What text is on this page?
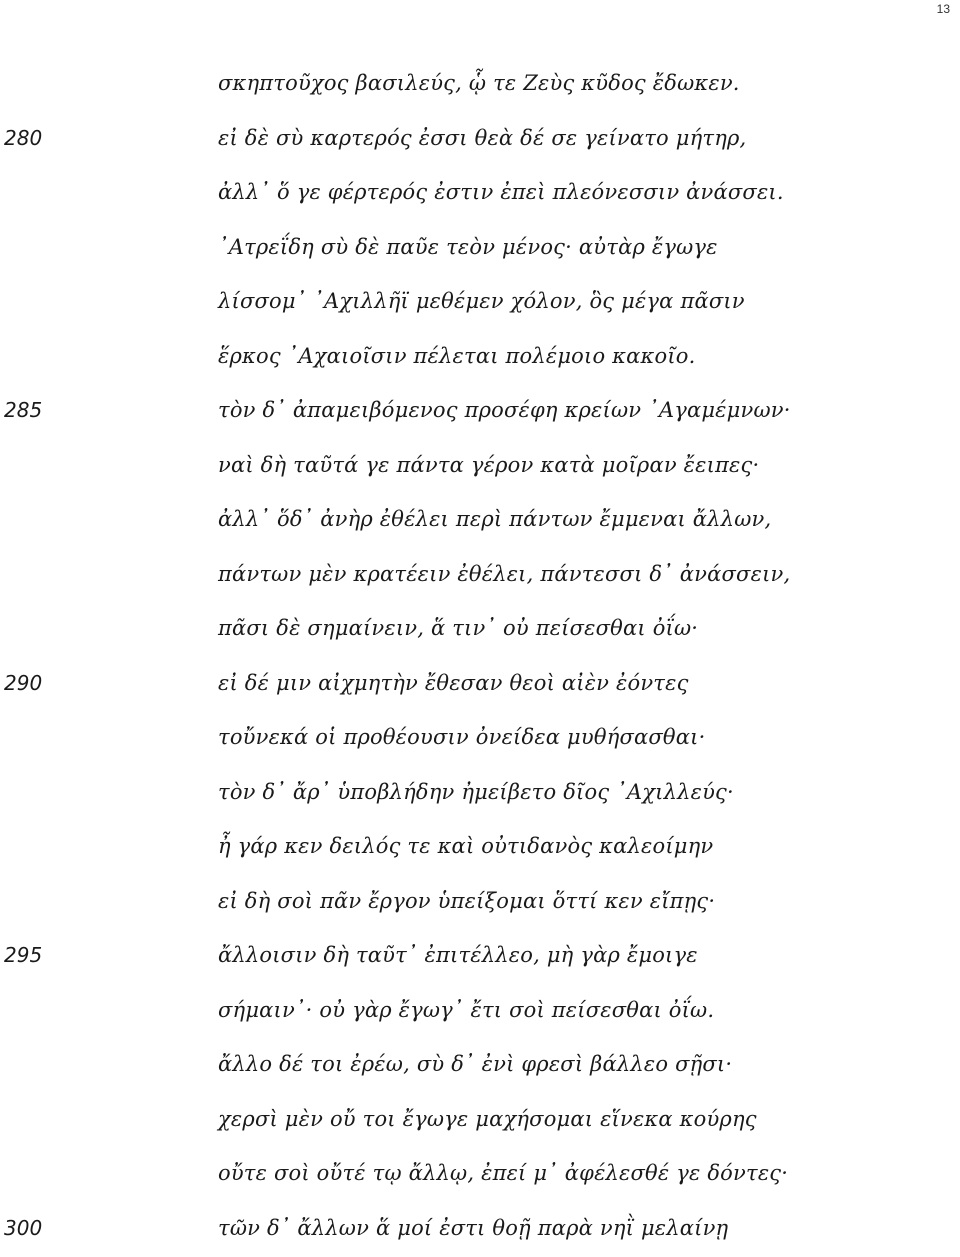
13
σκηπτοῦχος βασιλεύς, ᾧ τε Ζεὺς κῦδος ἔδωκεν.
280	εἰ δὲ σὺ καρτερός ἐσσι θεὰ δέ σε γείνατο μήτηρ,
ἀλλ᾽ ὅ γε φέρτερός ἐστιν ἐπεὶ πλεόνεσσιν ἀνάσσει.
᾽Ατρεΐδη σὺ δὲ παῦε τεὸν μένος· αὐτὰρ ἔγωγε
λίσσομ᾽ ᾽Αχιλλῆϊ μεθέμεν χόλον, ὃς μέγα πᾶσιν
ἕρκος ᾽Αχαιοῖσιν πέλεται πολέμοιο κακοῖο.
285	τὸν δ᾽ ἀπαμειβόμενος προσέφη κρείων ᾽Αγαμέμνων·
ναὶ δὴ ταῦτά γε πάντα γέρον κατὰ μοῖραν ἔειπες·
ἀλλ᾽ ὅδ᾽ ἀνὴρ ἐθέλει περὶ πάντων ἔμμεναι ἄλλων,
πάντων μὲν κρατέειν ἐθέλει, πάντεσσι δ᾽ ἀνάσσειν,
πᾶσι δὲ σημαίνειν, ἅ τιν᾽ οὐ πείσεσθαι ὀΐω·
290	εἰ δέ μιν αἰχμητὴν ἔθεσαν θεοὶ αἰὲν ἐόντες
τοὔνεκά οἱ προθέουσιν ὀνείδεα μυθήσασθαι·
τὸν δ᾽ ἄρ᾽ ὑποβλήδην ἠμείβετο δῖος ᾽Αχιλλεύς·
ἦ γάρ κεν δειλός τε καὶ οὐτιδανὸς καλεοίμην
εἰ δὴ σοὶ πᾶν ἔργον ὑπείξομαι ὅττί κεν εἴπῃς·
295	ἄλλοισιν δὴ ταῦτ᾽ ἐπιτέλλεο, μὴ γὰρ ἔμοιγε
σήμαιν᾽· οὐ γὰρ ἔγωγ᾽ ἔτι σοὶ πείσεσθαι ὀΐω.
ἄλλο δέ τοι ἐρέω, σὺ δ᾽ ἐνὶ φρεσὶ βάλλεο σῇσι·
χερσὶ μὲν οὔ τοι ἔγωγε μαχήσομαι εἵνεκα κούρης
οὔτε σοὶ οὔτέ τῳ ἄλλῳ, ἐπεί μ᾽ ἀφέλεσθέ γε δόντες·
300	τῶν δ᾽ ἄλλων ἅ μοί ἐστι θοῇ παρὰ νηῒ μελαίνῃ
